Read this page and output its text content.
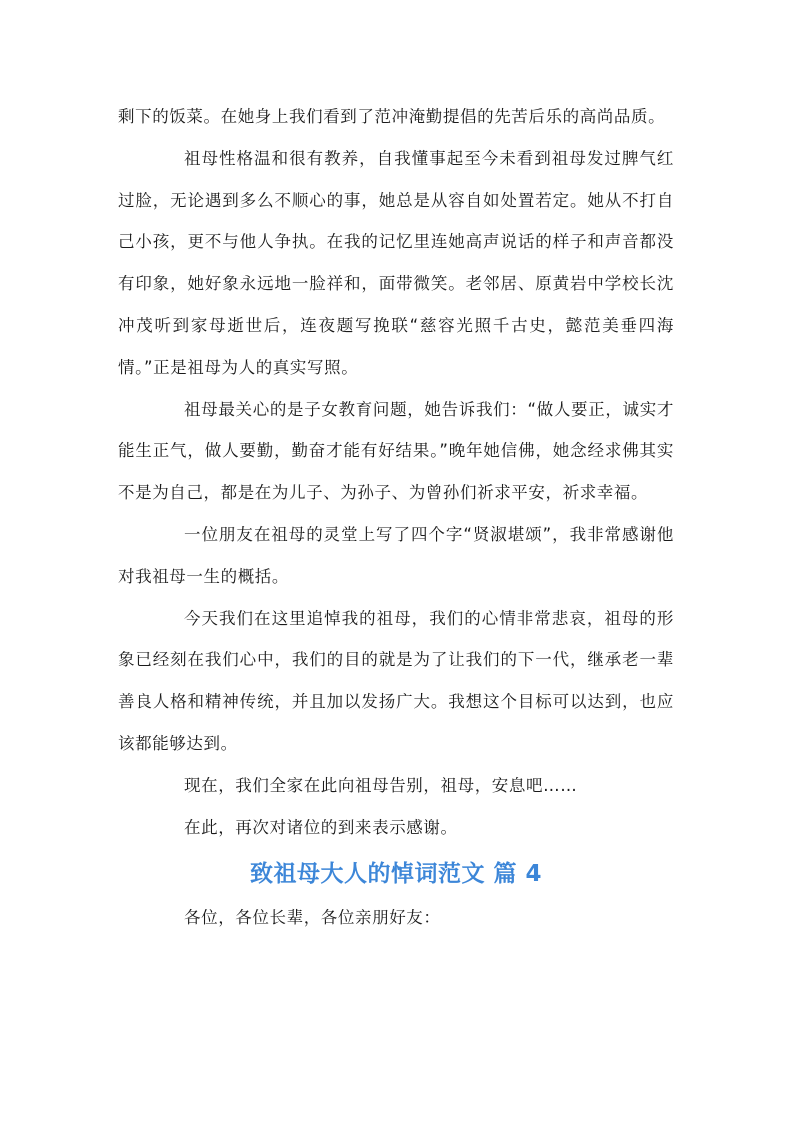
剩下的饭菜。在她身上我们看到了范冲淹勤提倡的先苦后乐的高尚品质。

祖母性格温和很有教养，自我懂事起至今未看到祖母发过脾气红过脸，无论遇到多么不顺心的事，她总是从容自如处置若定。她从不打自己小孩，更不与他人争执。在我的记忆里连她高声说话的样子和声音都没有印象，她好象永远地一脸祥和，面带微笑。老邻居、原黄岩中学校长沈冲茂听到家母逝世后，连夜题写挽联“慈容光照千古史，懿范美垂四海情。”正是祖母为人的真实写照。

祖母最关心的是子女教育问题，她告诉我们：“做人要正，诚实才能生正气，做人要勤，勤奋才能有好结果。”晚年她信佛，她念经求佛其实不是为自己，都是在为儿子、为孙子、为曾孙们祈求平安，祈求幸福。

一位朋友在祖母的灵堂上写了四个字“贤淑堪颂”，我非常感谢他对我祖母一生的概括。

今天我们在这里追悼我的祖母，我们的心情非常悲哀，祖母的形象已经刻在我们心中，我们的目的就是为了让我们的下一代，继承老一辈善良人格和精神传统，并且加以发扬广大。我想这个目标可以达到，也应该都能够达到。

现在，我们全家在此向祖母告别，祖母，安息吧……

在此，再次对诸位的到来表示感谢。

致祖母大人的悼词范文 篇 4

各位，各位长辈，各位亲朋好友：
